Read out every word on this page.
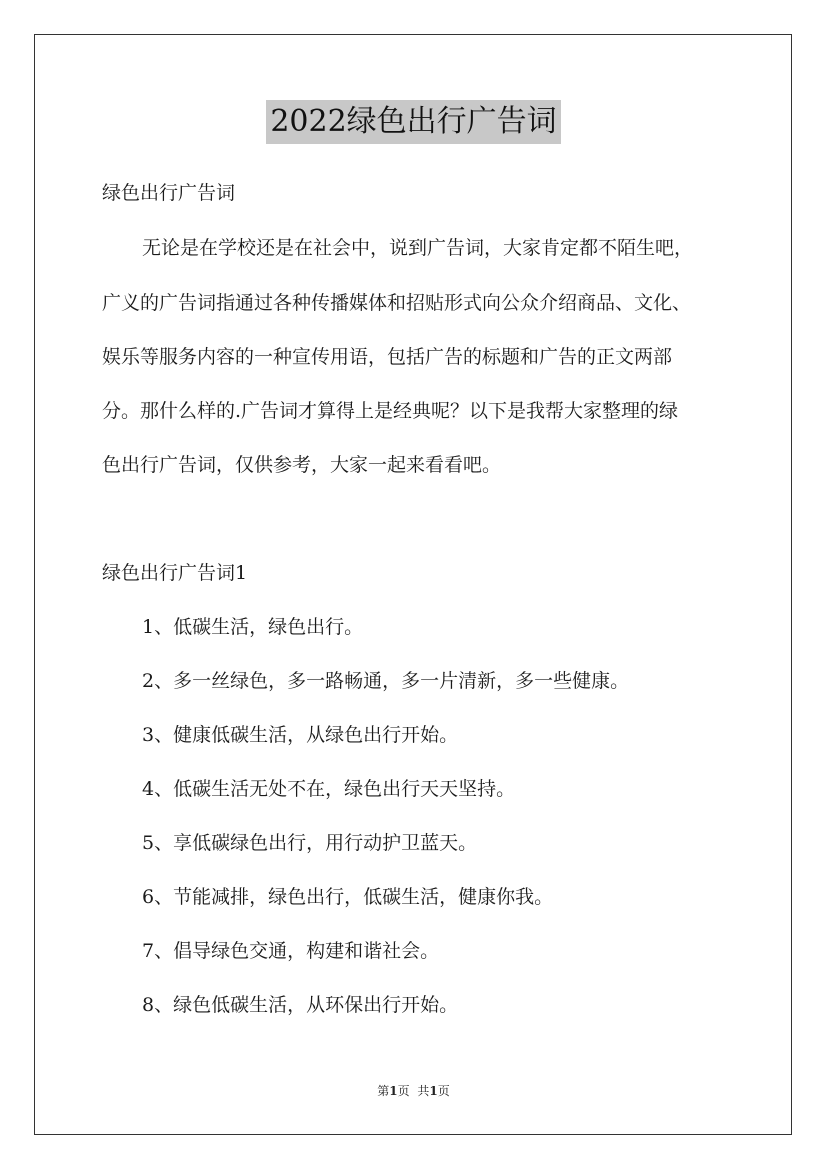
2022绿色出行广告词
绿色出行广告词
无论是在学校还是在社会中，说到广告词，大家肯定都不陌生吧，
广义的广告词指通过各种传播媒体和招贴形式向公众介绍商品、文化、
娱乐等服务内容的一种宣传用语，包括广告的标题和广告的正文两部
分。那什么样的.广告词才算得上是经典呢？以下是我帮大家整理的绿
色出行广告词，仅供参考，大家一起来看看吧。
绿色出行广告词1
1、低碳生活，绿色出行。
2、多一丝绿色，多一路畅通，多一片清新，多一些健康。
3、健康低碳生活，从绿色出行开始。
4、低碳生活无处不在，绿色出行天天坚持。
5、享低碳绿色出行，用行动护卫蓝天。
6、节能减排，绿色出行，低碳生活，健康你我。
7、倡导绿色交通，构建和谐社会。
8、绿色低碳生活，从环保出行开始。
第1页 共1页
